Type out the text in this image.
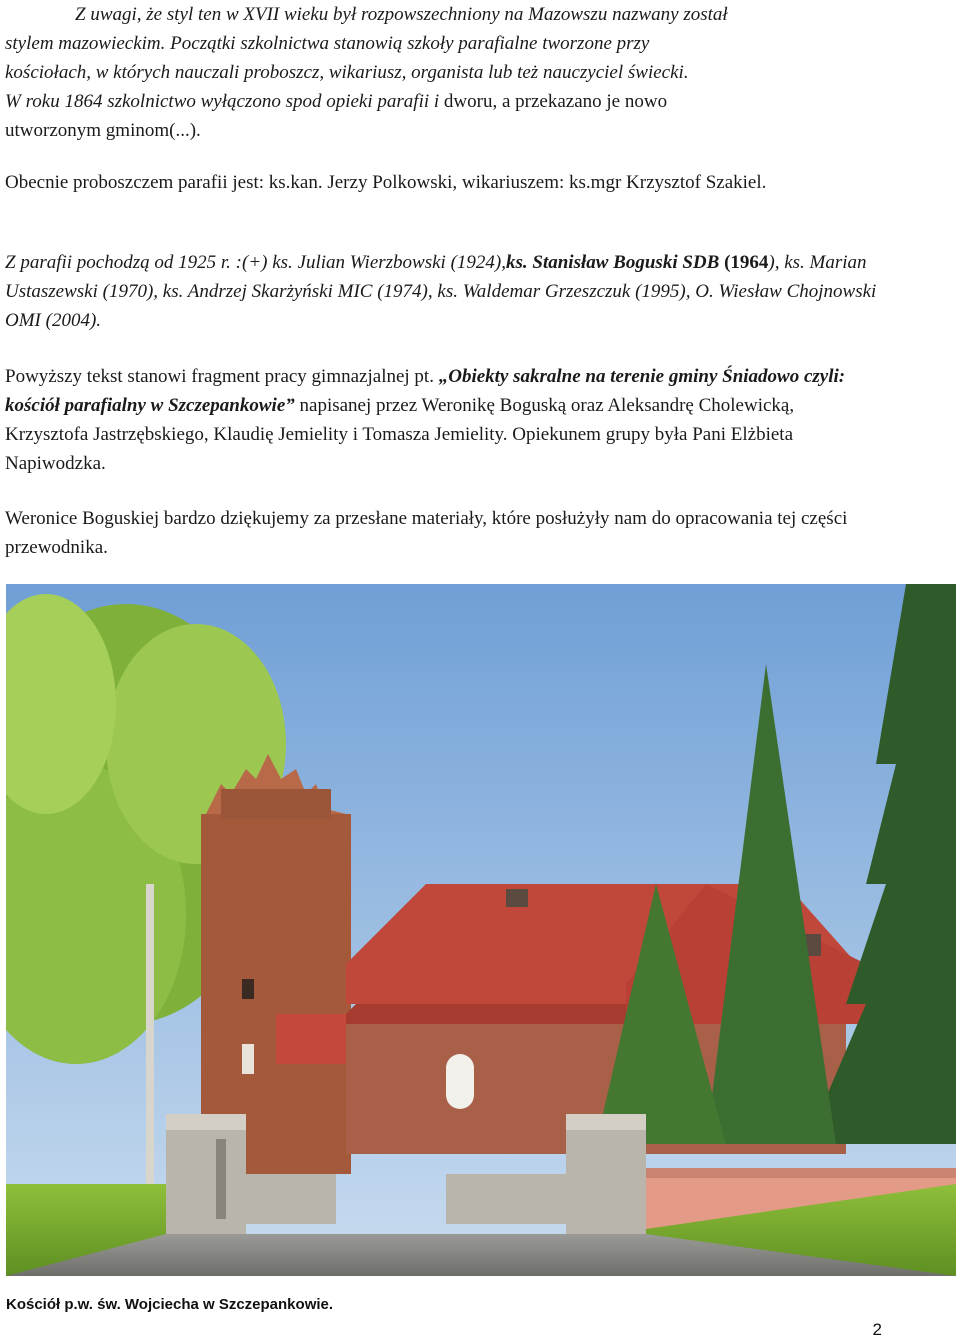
Z uwagi, że styl ten w XVII wieku był rozpowszechniony na Mazowszu nazwany został
stylem mazowieckim. Początki szkolnictwa stanowią szkoły parafialne tworzone przy
kościołach, w których nauczali proboszcz, wikariusz, organista lub też nauczyciel świecki.
W roku 1864 szkolnictwo wyłączono spod opieki parafii i dworu, a przekazano je nowo
utworzonym gminom(...).

Obecnie proboszczem parafii jest: ks.kan. Jerzy Polkowski, wikariuszem: ks.mgr Krzysztof Szakiel.

Z parafii pochodzą od 1925 r. :(+) ks. Julian Wierzbowski (1924),ks. Stanisław Boguski SDB (1964), ks. Marian Ustaszewski (1970), ks. Andrzej Skarżyński MIC (1974), ks. Waldemar Grzeszczuk (1995), O. Wiesław Chojnowski OMI (2004).

Powyższy tekst stanowi fragment pracy gimnazjalnej pt. „Obiekty sakralne na terenie gminy Śniadowo czyli: kościół parafialny w Szczepankowie” napisanej przez Weronikę Boguską oraz Aleksandrę Cholewicką, Krzysztofa Jastrzębskiego, Klaudię Jemielity i Tomasza Jemielity. Opiekunem grupy była Pani Elżbieta Napiwodzka.

Weronice Boguskiej bardzo dziękujemy za przesłane materiały, które posłużyły nam do opracowania tej części przewodnika.

Kościół p.w. św. Wojciecha w Szczepankowie.
2
